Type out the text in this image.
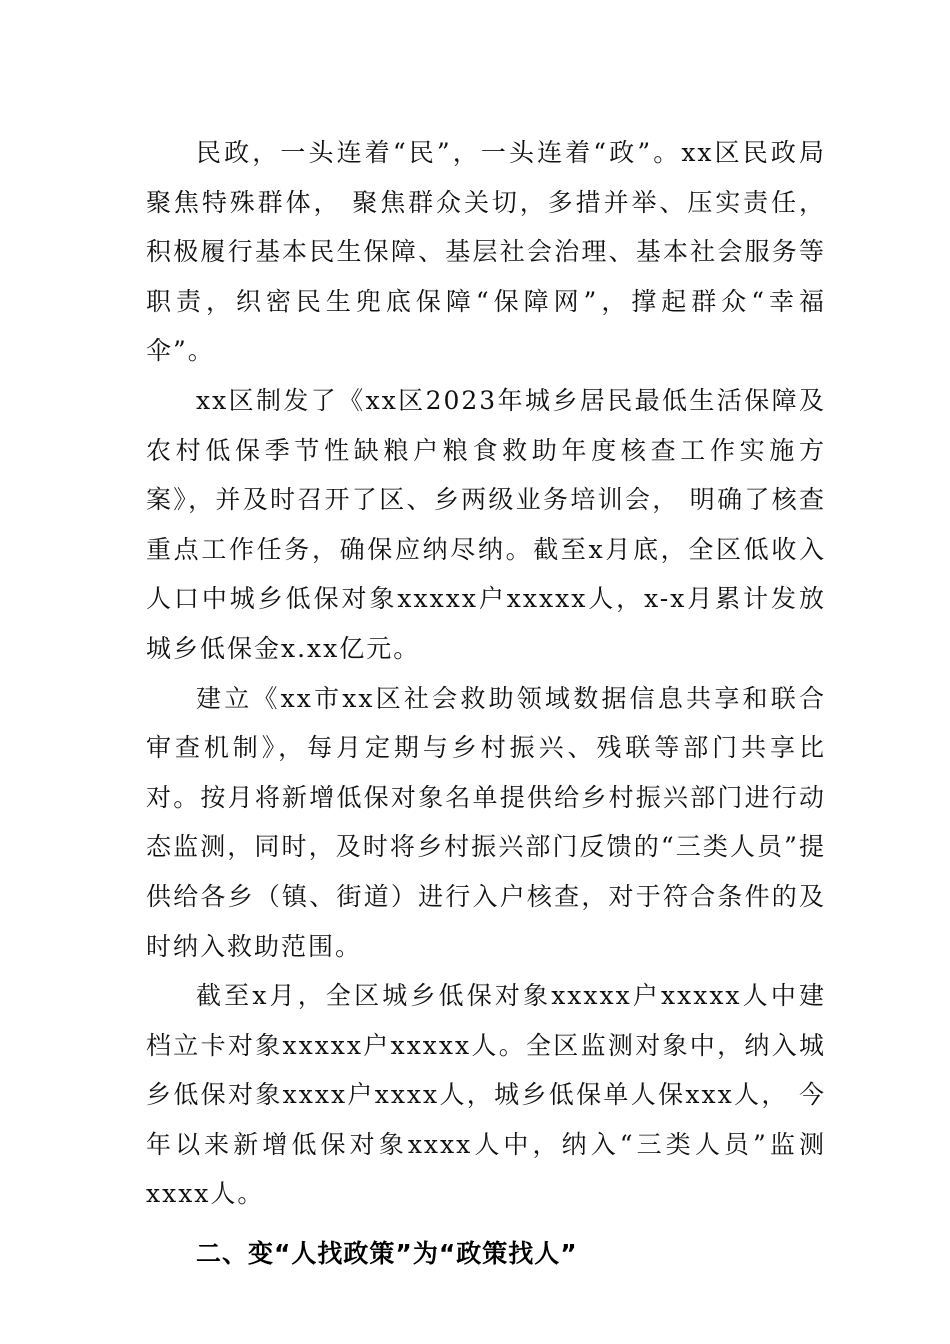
民政，一头连着“民”，一头连着“政”。xx区民政局聚焦特殊群体， 聚焦群众关切，多措并举、压实责任，积极履行基本民生保障、基层社会治理、基本社会服务等职责，织密民生兜底保障“保障网”，撑起群众“幸福伞”。

xx区制发了《xx区2023年城乡居民最低生活保障及农村低保季节性缺粮户粮食救助年度核查工作实施方案》，并及时召开了区、乡两级业务培训会， 明确了核查重点工作任务，确保应纳尽纳。截至x月底，全区低收入人口中城乡低保对象xxxxx户xxxxx人，x-x月累计发放城乡低保金x.xx亿元。

建立《xx市xx区社会救助领域数据信息共享和联合审查机制》，每月定期与乡村振兴、残联等部门共享比对。按月将新增低保对象名单提供给乡村振兴部门进行动态监测，同时，及时将乡村振兴部门反馈的“三类人员”提供给各乡（镇、街道）进行入户核查，对于符合条件的及时纳入救助范围。

截至x月，全区城乡低保对象xxxxx户xxxxx人中建档立卡对象xxxxx户xxxxx人。全区监测对象中，纳入城乡低保对象xxxx户xxxx人，城乡低保单人保xxx人， 今年以来新增低保对象xxxx人中，纳入“三类人员”监测xxxx人。

二、变“人找政策”为“政策找人”
